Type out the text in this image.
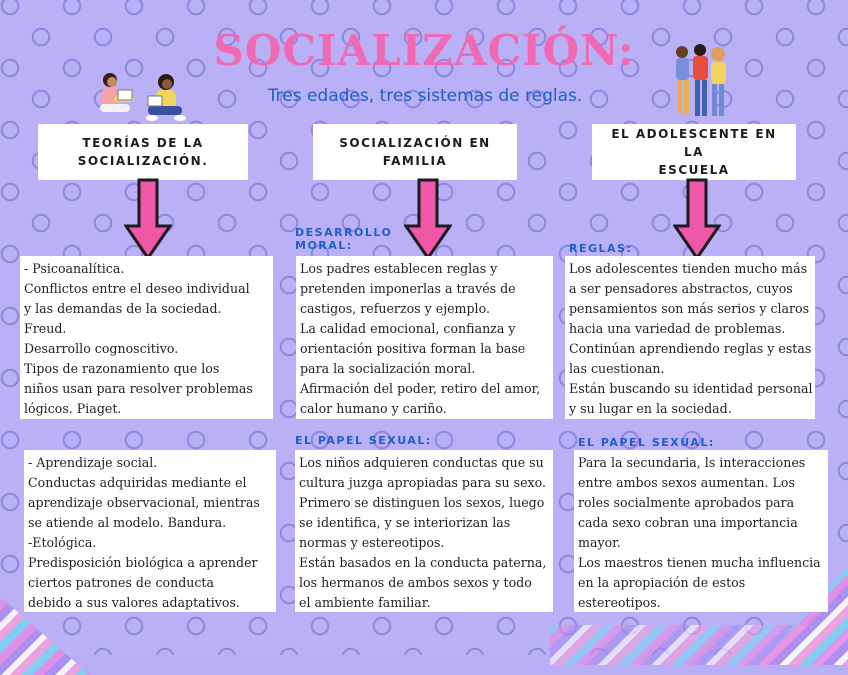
SOCIALIZACIÓN:
Tres edades, tres sistemas de reglas.
TEORÍAS DE LA
SOCIALIZACIÓN.
- Psicoanalítica.
Conflictos entre el deseo individual
y las demandas de la sociedad.
Freud.
Desarrollo cognoscitivo.
Tipos de razonamiento que los
niños usan para resolver problemas
lógicos. Piaget.
- Aprendizaje social.
Conductas adquiridas mediante el
aprendizaje observacional, mientras
se atiende al modelo. Bandura.
-Etológica.
Predisposición biológica a aprender
ciertos patrones de conducta
debido a sus valores adaptativos.
SOCIALIZACIÓN EN
FAMILIA
DESARROLLO
MORAL:
Los padres establecen reglas y
pretenden imponerlas a través de
castigos, refuerzos y ejemplo.
La calidad emocional, confianza y
orientación positiva forman la base
para la socialización moral.
Afirmación del poder, retiro del amor,
calor humano y cariño.
EL PAPEL SEXUAL:
Los niños adquieren conductas que su
cultura juzga apropiadas para su sexo.
Primero se distinguen los sexos, luego
se identifica, y se interiorizan las
normas y estereotipos.
Están basados en la conducta paterna,
los hermanos de ambos sexos y todo
el ambiente familiar.
EL ADOLESCENTE EN LA
ESCUELA
REGLAS:
Los adolescentes tienden mucho más
a ser pensadores abstractos, cuyos
pensamientos son más serios y claros
hacia una variedad de problemas.
Continúan aprendiendo reglas y estas
las cuestionan.
Están buscando su identidad personal
y su lugar en la sociedad.
EL PAPEL SEXUAL:
Para la secundaria, ls interacciones
entre ambos sexos aumentan. Los
roles socialmente aprobados para
cada sexo cobran una importancia
mayor.
Los maestros tienen mucha influencia
en la apropiación de estos
estereotipos.
